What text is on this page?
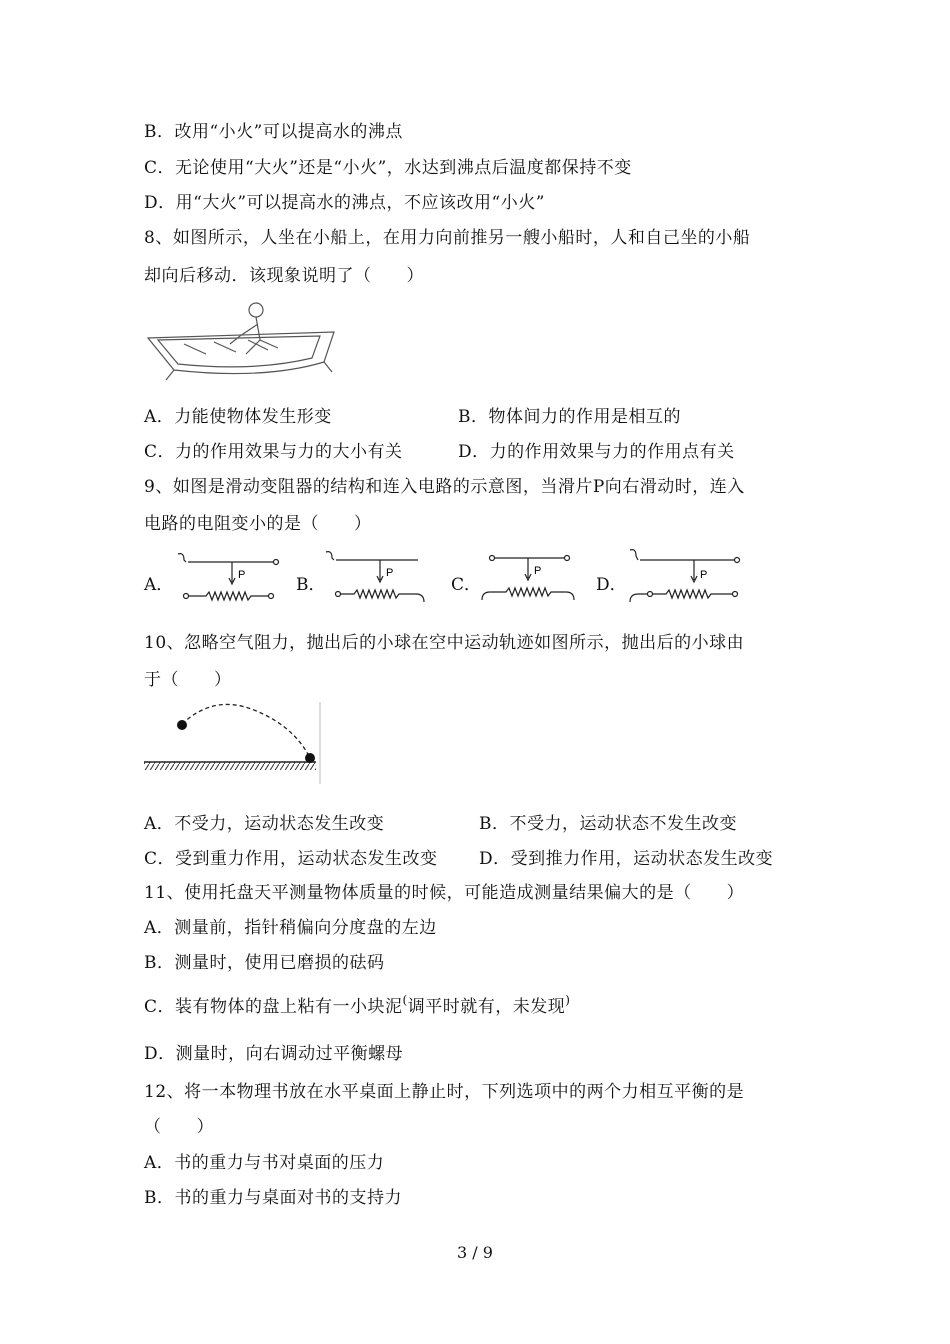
B．改用“小火”可以提高水的沸点
C．无论使用“大火”还是“小火”，水达到沸点后温度都保持不变
D．用“大火”可以提高水的沸点，不应该改用“小火”
8、如图所示，人坐在小船上，在用力向前推另一艘小船时，人和自己坐的小船
却向后移动．该现象说明了（　　）
A．力能使物体发生形变	B．物体间力的作用是相互的
C．力的作用效果与力的大小有关	D．力的作用效果与力的作用点有关
9、如图是滑动变阻器的结构和连入电路的示意图，当滑片P向右滑动时，连入
电路的电阻变小的是（　　）
A．	B．	C．	D．
P	P	P	P
10、忽略空气阻力，抛出后的小球在空中运动轨迹如图所示，抛出后的小球由
于（　　）
A．不受力，运动状态发生改变	B．不受力，运动状态不发生改变
C．受到重力作用，运动状态发生改变 D．受到推力作用，运动状态发生改变
11、使用托盘天平测量物体质量的时候，可能造成测量结果偏大的是（　　）
A．测量前，指针稍偏向分度盘的左边
B．测量时，使用已磨损的砝码
C．装有物体的盘上粘有一小块泥(调平时就有，未发现)
D．测量时，向右调动过平衡螺母
12、将一本物理书放在水平桌面上静止时，下列选项中的两个力相互平衡的是
（　　）
A．书的重力与书对桌面的压力
B．书的重力与桌面对书的支持力
3 / 9
